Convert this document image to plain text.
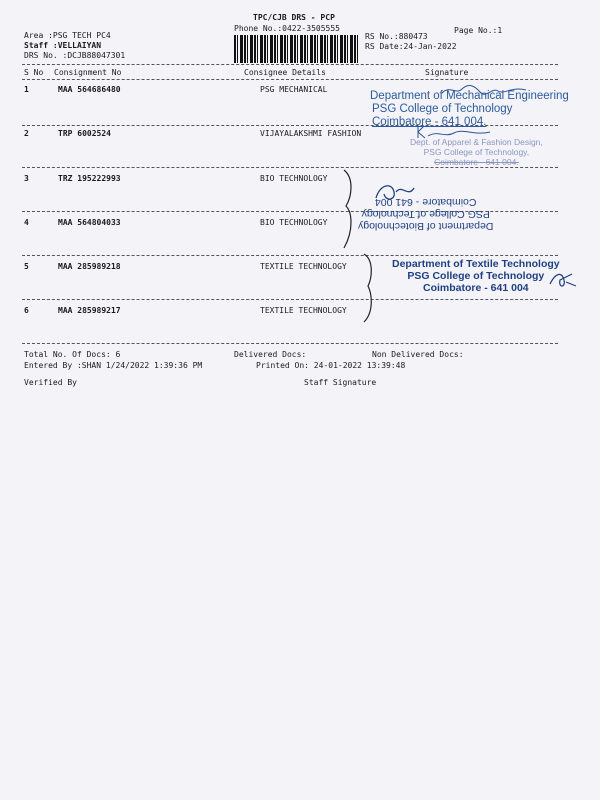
TPC/CJB DRS - PCP
Phone No.:0422-3505555
Area :PSG TECH PC4
Staff :VELLAIYAN
DRS No. :DCJB88047301
RS No.:880473
RS Date:24-Jan-2022
Page No.:1
S No Consignment No	Consignee Details	Signature
1	MAA 564686480	PSG MECHANICAL
2	TRP 6002524	VIJAYALAKSHMI FASHION
3	TRZ 195222993	BIO TECHNOLOGY
4	MAA 564804033	BIO TECHNOLOGY
5	MAA 285989218	TEXTILE TECHNOLOGY
6	MAA 285989217	TEXTILE TECHNOLOGY
Department of Mechanical Engineering
PSG College of Technology
Coimbatore - 641 004.
Dept. of Apparel & Fashion Design,
PSG College of Technology,
Coimbatore - 641 004.
Department of Biotechnology
PSG College of Technology
Coimbatore - 641 004
Department of Textile Technology
PSG College of Technology
Coimbatore - 641 004
Total No. Of Docs: 6	Delivered Docs:	Non Delivered Docs:
Entered By :SHAN 1/24/2022 1:39:36 PM	Printed On: 24-01-2022 13:39:48
Verified By	Staff Signature
